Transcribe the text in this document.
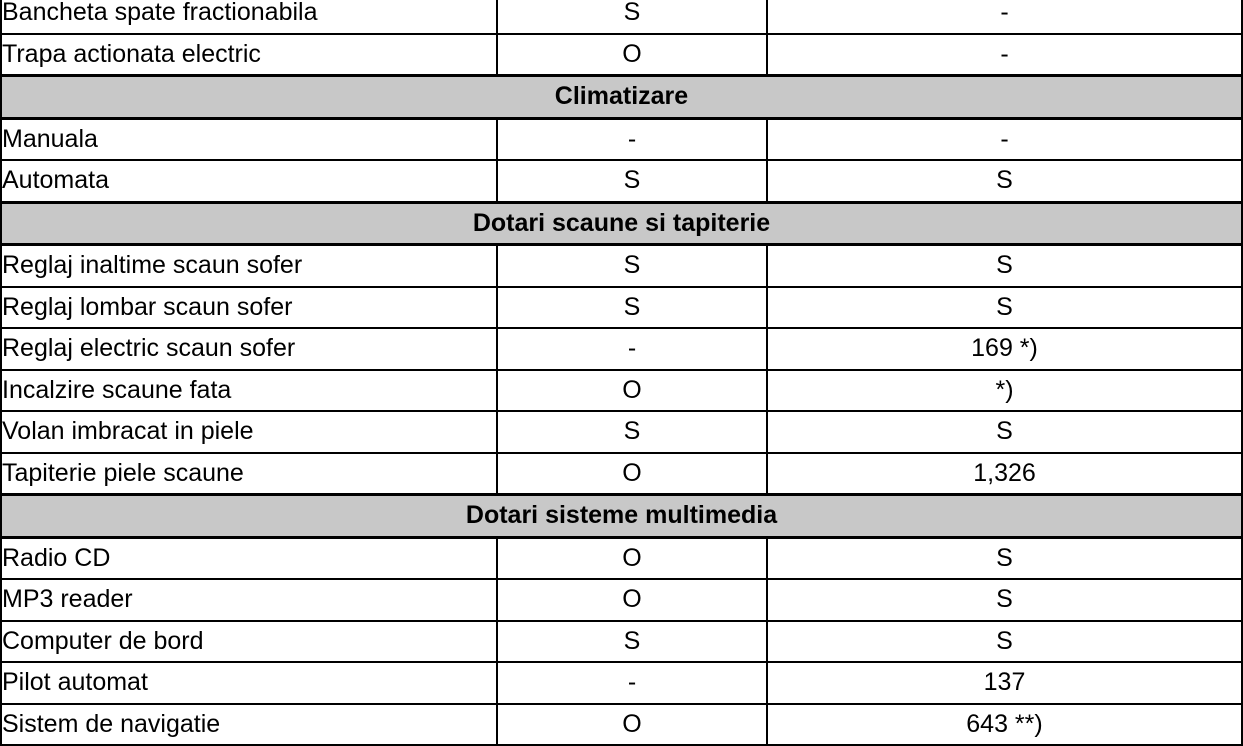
Bancheta spate fractionabila	S	-
Trapa actionata electric	O	-
Climatizare		
Manuala	-	-
Automata	S	S
Dotari scaune si tapiterie		
Reglaj inaltime scaun sofer	S	S
Reglaj lombar scaun sofer	S	S
Reglaj electric scaun sofer	-	169 *)
Incalzire scaune fata	O	*)
Volan imbracat in piele	S	S
Tapiterie piele scaune	O	1,326
Dotari sisteme multimedia		
Radio CD	O	S
MP3 reader	O	S
Computer de bord	S	S
Pilot automat	-	137
Sistem de navigatie	O	643 **)
